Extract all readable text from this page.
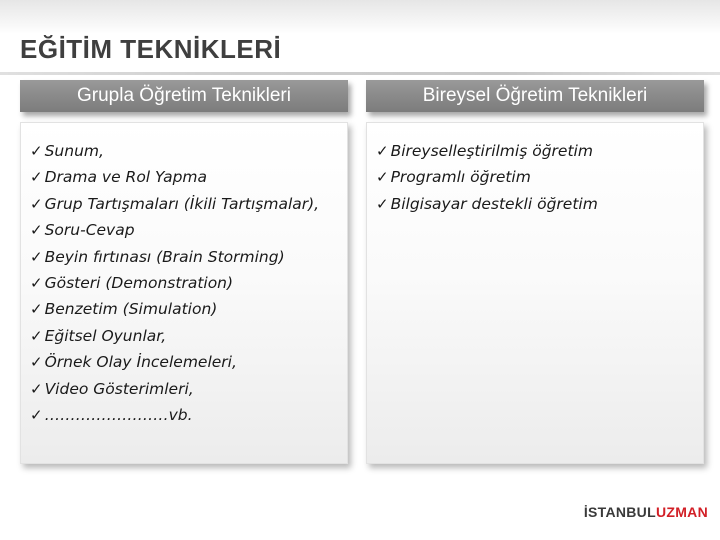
EĞİTİM TEKNİKLERİ
Grupla Öğretim Teknikleri	Bireysel Öğretim Teknikleri
✓ Sunum,
✓ Drama ve Rol Yapma
✓ Grup Tartışmaları (İkili Tartışmalar),
✓ Soru-Cevap
✓ Beyin fırtınası (Brain Storming)
✓ Gösteri (Demonstration)
✓ Benzetim (Simulation)
✓ Eğitsel Oyunlar,
✓ Örnek Olay İncelemeleri,
✓ Video Gösterimleri,
✓ ……………………vb.
✓ Bireyselleştirilmiş öğretim
✓ Programlı öğretim
✓ Bilgisayar destekli öğretim
İSTANBULUZMAN
